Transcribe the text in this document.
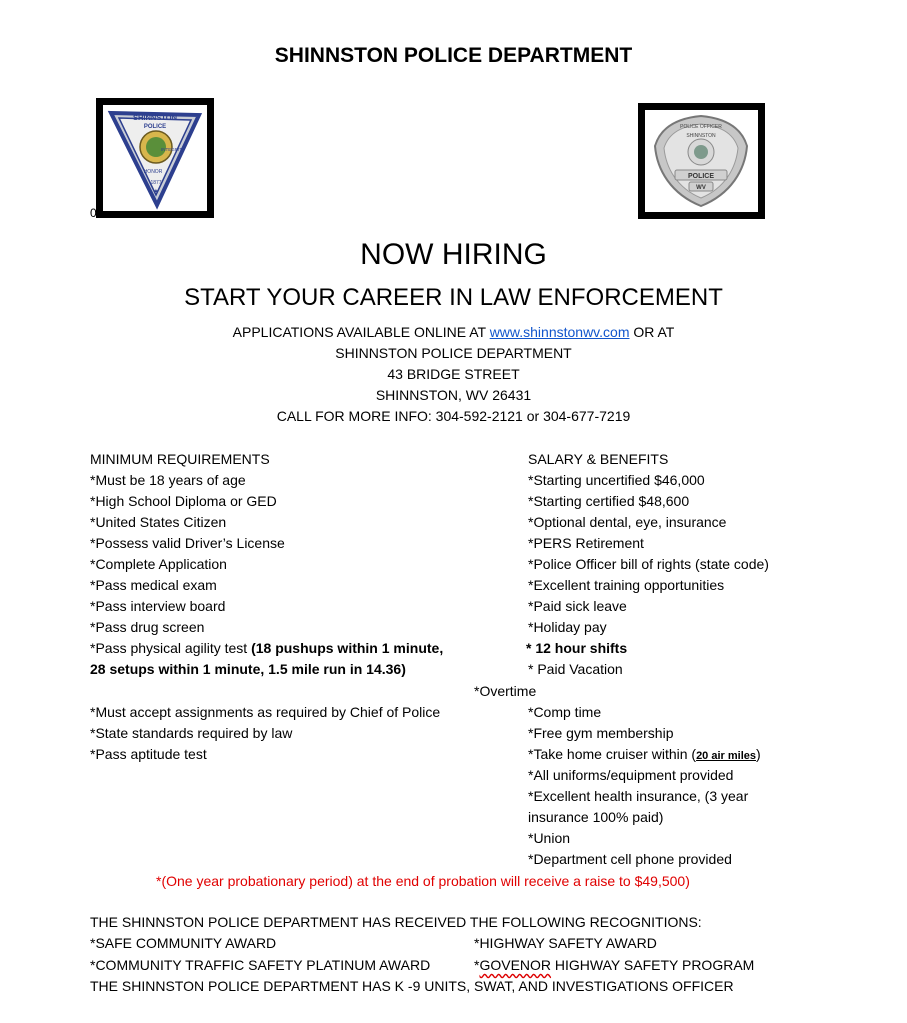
SHINNSTON POLICE DEPARTMENT
SHINNSTON
POLICE
HONOR
INTEGRITY
1877
★
0
POLICE OFFICER
SHINNSTON
POLICE
WV
NOW HIRING
START YOUR CAREER IN LAW ENFORCEMENT
APPLICATIONS AVAILABLE ONLINE AT www.shinnstonwv.com OR AT
SHINNSTON POLICE DEPARTMENT
43 BRIDGE STREET
SHINNSTON, WV 26431
CALL FOR MORE INFO: 304-592-2121 or 304-677-7219
MINIMUM REQUIREMENTS
*Must be 18 years of age
*High School Diploma or GED
*United States Citizen
*Possess valid Driver’s License
*Complete Application
*Pass medical exam
*Pass interview board
*Pass drug screen
*Pass physical agility test (18 pushups within 1 minute,
28 setups within 1 minute, 1.5 mile run in 14.36)
*Must accept assignments as required by Chief of Police
*State standards required by law
*Pass aptitude test
SALARY & BENEFITS
*Starting uncertified $46,000
*Starting certified $48,600
*Optional dental, eye, insurance
*PERS Retirement
*Police Officer bill of rights (state code)
*Excellent training opportunities
*Paid sick leave
*Holiday pay
* 12 hour shifts
* Paid Vacation
*Overtime
*Comp time
*Free gym membership
*Take home cruiser within (20 air miles)
*All uniforms/equipment provided
*Excellent health insurance, (3 year
insurance 100% paid)
*Union
*Department cell phone provided
*(One year probationary period) at the end of probation will receive a raise to $49,500)
THE SHINNSTON POLICE DEPARTMENT HAS RECEIVED THE FOLLOWING RECOGNITIONS:
*SAFE COMMUNITY AWARD
*COMMUNITY TRAFFIC SAFETY PLATINUM AWARD
*HIGHWAY SAFETY AWARD
*GOVENOR HIGHWAY SAFETY PROGRAM
THE SHINNSTON POLICE DEPARTMENT HAS K -9 UNITS, SWAT, AND INVESTIGATIONS OFFICER
